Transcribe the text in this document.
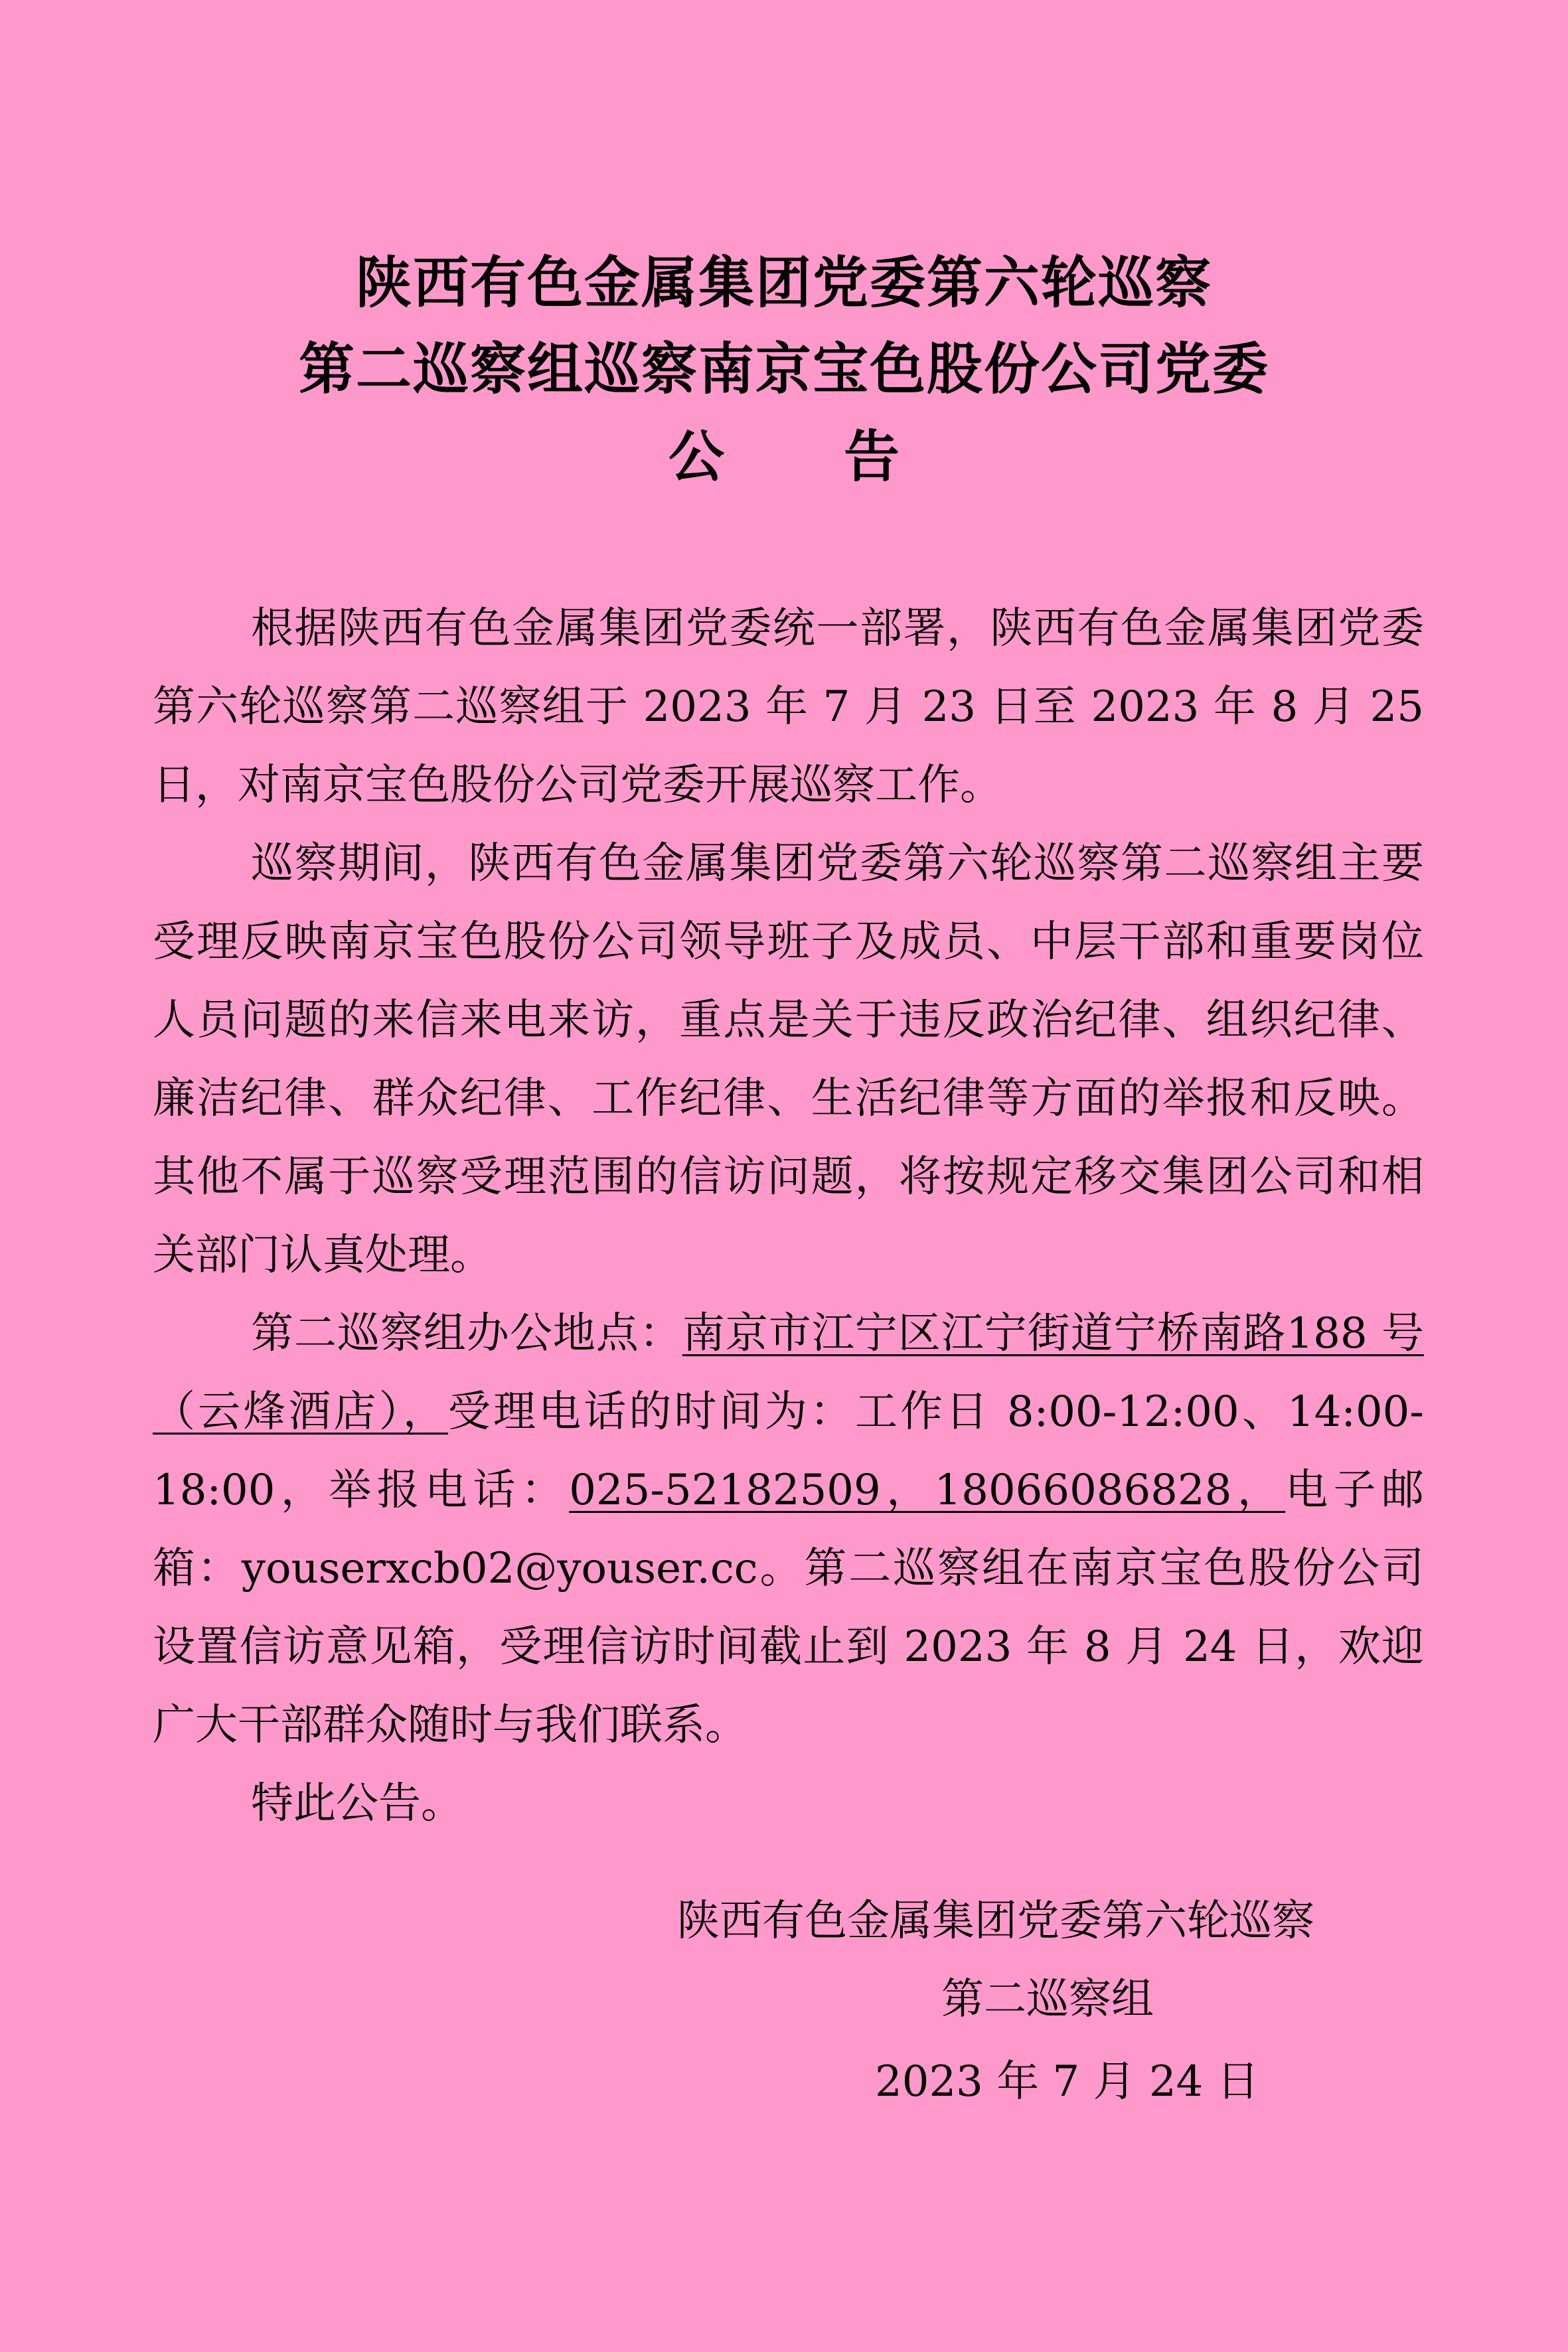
陕西有色金属集团党委第六轮巡察
第二巡察组巡察南京宝色股份公司党委
公 告

根据陕西有色金属集团党委统一部署，陕西有色金属集团党委第六轮巡察第二巡察组于 2023 年 7 月 23 日至 2023 年 8 月 25 日，对南京宝色股份公司党委开展巡察工作。

巡察期间，陕西有色金属集团党委第六轮巡察第二巡察组主要受理反映南京宝色股份公司领导班子及成员、中层干部和重要岗位人员问题的来信来电来访，重点是关于违反政治纪律、组织纪律、廉洁纪律、群众纪律、工作纪律、生活纪律等方面的举报和反映。其他不属于巡察受理范围的信访问题，将按规定移交集团公司和相关部门认真处理。

第二巡察组办公地点：南京市江宁区江宁街道宁桥南路188 号（云烽酒店），受理电话的时间为：工作日 8:00-12:00、14:00-18:00，举报电话：025-52182509，18066086828，电子邮箱：youserxcb02@youser.cc。第二巡察组在南京宝色股份公司设置信访意见箱，受理信访时间截止到 2023 年 8 月 24 日，欢迎广大干部群众随时与我们联系。

特此公告。

陕西有色金属集团党委第六轮巡察
第二巡察组
2023 年 7 月 24 日
